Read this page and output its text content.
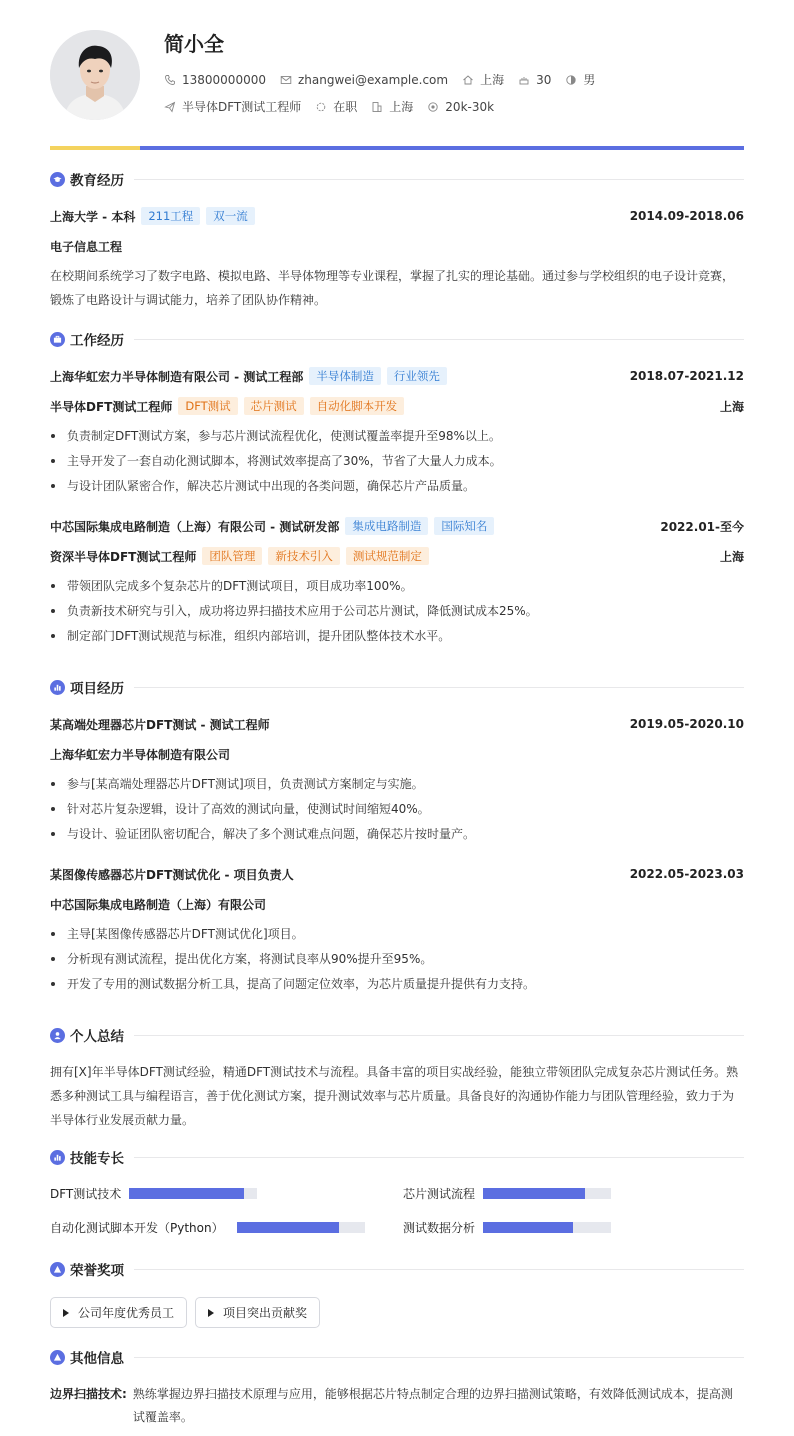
简小全
13800000000	zhangwei@example.com	上海	30	男
半导体DFT测试工程师	在职	上海	20k-30k
教育经历
上海大学 - 本科	211工程	双一流	2014.09-2018.06
电子信息工程
在校期间系统学习了数字电路、模拟电路、半导体物理等专业课程，掌握了扎实的理论基础。通过参与学校组织的电子设计竞赛，锻炼了电路设计与调试能力，培养了团队协作精神。
工作经历
上海华虹宏力半导体制造有限公司 - 测试工程部	半导体制造	行业领先	2018.07-2021.12
半导体DFT测试工程师	DFT测试	芯片测试	自动化脚本开发	上海
负责制定DFT测试方案，参与芯片测试流程优化，使测试覆盖率提升至98%以上。
主导开发了一套自动化测试脚本，将测试效率提高了30%，节省了大量人力成本。
与设计团队紧密合作，解决芯片测试中出现的各类问题，确保芯片产品质量。
中芯国际集成电路制造（上海）有限公司 - 测试研发部	集成电路制造	国际知名	2022.01-至今
资深半导体DFT测试工程师	团队管理	新技术引入	测试规范制定	上海
带领团队完成多个复杂芯片的DFT测试项目，项目成功率100%。
负责新技术研究与引入，成功将边界扫描技术应用于公司芯片测试，降低测试成本25%。
制定部门DFT测试规范与标准，组织内部培训，提升团队整体技术水平。
项目经历
某高端处理器芯片DFT测试 - 测试工程师	2019.05-2020.10
上海华虹宏力半导体制造有限公司
参与[某高端处理器芯片DFT测试]项目，负责测试方案制定与实施。
针对芯片复杂逻辑，设计了高效的测试向量，使测试时间缩短40%。
与设计、验证团队密切配合，解决了多个测试难点问题，确保芯片按时量产。
某图像传感器芯片DFT测试优化 - 项目负责人	2022.05-2023.03
中芯国际集成电路制造（上海）有限公司
主导[某图像传感器芯片DFT测试优化]项目。
分析现有测试流程，提出优化方案，将测试良率从90%提升至95%。
开发了专用的测试数据分析工具，提高了问题定位效率，为芯片质量提升提供有力支持。
个人总结
拥有[X]年半导体DFT测试经验，精通DFT测试技术与流程。具备丰富的项目实战经验，能独立带领团队完成复杂芯片测试任务。熟悉多种测试工具与编程语言，善于优化测试方案，提升测试效率与芯片质量。具备良好的沟通协作能力与团队管理经验，致力于为半导体行业发展贡献力量。
技能专长
DFT测试技术	芯片测试流程
自动化测试脚本开发（Python）	测试数据分析
荣誉奖项
公司年度优秀员工	项目突出贡献奖
其他信息
边界扫描技术: 熟练掌握边界扫描技术原理与应用，能够根据芯片特点制定合理的边界扫描测试策略，有效降低测试成本，提高测试覆盖率。
